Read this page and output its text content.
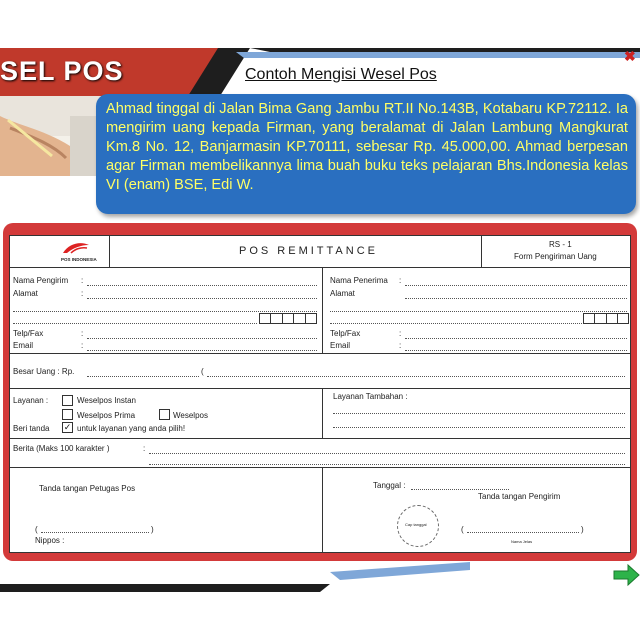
SEL POS	Contoh Mengisi Wesel Pos
✖

Ahmad tinggal di Jalan Bima Gang Jambu RT.II No.143B, Kotabaru KP.72112. Ia mengirim uang kepada Firman, yang beralamat di Jalan Lambung Mangkurat Km.8 No. 12, Banjarmasin KP.70111, sebesar Rp. 45.000,00. Ahmad berpesan agar Firman membelikannya lima buah buku teks pelajaran Bhs.Indonesia kelas VI (enam) BSE, Edi W.

POS INDONESIA
POS REMITTANCE
RS - 1
Form Pengiriman Uang
Nama Pengirim :
Alamat	:
Telp/Fax	:
Email	:
Nama Penerima :
Alamat
Telp/Fax	:
Email	:
Besar Uang : Rp.	(
Layanan :	Weselpos Instan
Weselpos Prima	Weselpos
Beri tanda ✓ untuk layanan yang anda pilih!
Layanan Tambahan :
Berita (Maks 100 karakter )	:
Tanda tangan Petugas Pos
(	)
Nippos :
Tanggal :
Tanda tangan Pengirim
Cap tanggal
(	)
Nama Jelas
